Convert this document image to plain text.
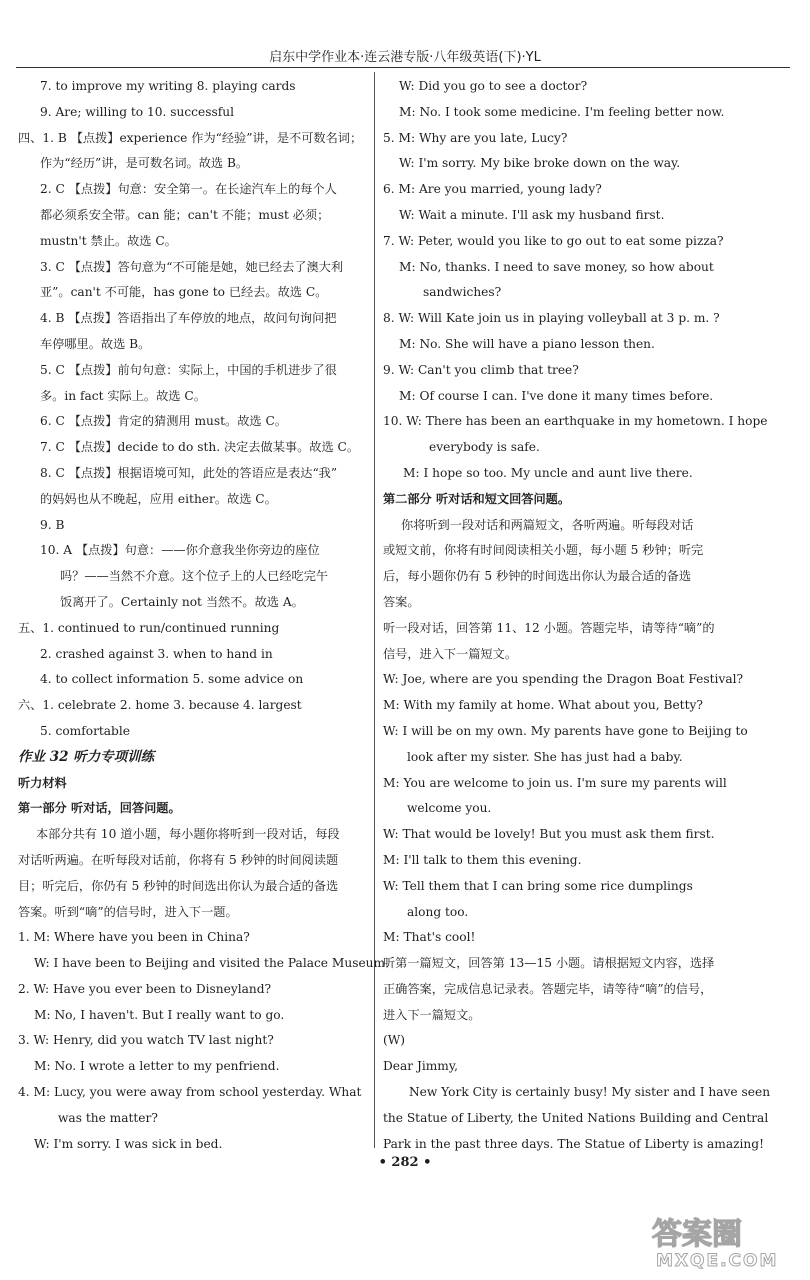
启东中学作业本·连云港专版·八年级英语(下)·YL
7. to improve my writing 8. playing cards
9. Are; willing to 10. successful
四、1. B 【点拨】experience 作为“经验”讲，是不可数名词；
作为“经历”讲，是可数名词。故选 B。
2. C 【点拨】句意：安全第一。在长途汽车上的每个人
都必须系安全带。can 能；can't 不能；must 必须；
mustn't 禁止。故选 C。
3. C 【点拨】答句意为“不可能是她，她已经去了澳大利
亚”。can't 不可能，has gone to 已经去。故选 C。
4. B 【点拨】答语指出了车停放的地点，故问句询问把
车停哪里。故选 B。
5. C 【点拨】前句句意：实际上，中国的手机进步了很
多。in fact 实际上。故选 C。
6. C 【点拨】肯定的猜测用 must。故选 C。
7. C 【点拨】decide to do sth. 决定去做某事。故选 C。
8. C 【点拨】根据语境可知，此处的答语应是表达“我”
的妈妈也从不晚起，应用 either。故选 C。
9. B
10. A 【点拨】句意：——你介意我坐你旁边的座位
吗？——当然不介意。这个位子上的人已经吃完午
饭离开了。Certainly not 当然不。故选 A。
五、1. continued to run/continued running
2. crashed against 3. when to hand in
4. to collect information 5. some advice on
六、1. celebrate 2. home 3. because 4. largest
5. comfortable
作业 32 听力专项训练
听力材料
第一部分 听对话，回答问题。
本部分共有 10 道小题，每小题你将听到一段对话，每段
对话听两遍。在听每段对话前，你将有 5 秒钟的时间阅读题
目；听完后，你仍有 5 秒钟的时间选出你认为最合适的备选
答案。听到“嘀”的信号时，进入下一题。
1. M: Where have you been in China?
W: I have been to Beijing and visited the Palace Museum.
2. W: Have you ever been to Disneyland?
M: No, I haven't. But I really want to go.
3. W: Henry, did you watch TV last night?
M: No. I wrote a letter to my penfriend.
4. M: Lucy, you were away from school yesterday. What
was the matter?
W: I'm sorry. I was sick in bed.
W: Did you go to see a doctor?
M: No. I took some medicine. I'm feeling better now.
5. M: Why are you late, Lucy?
W: I'm sorry. My bike broke down on the way.
6. M: Are you married, young lady?
W: Wait a minute. I'll ask my husband first.
7. W: Peter, would you like to go out to eat some pizza?
M: No, thanks. I need to save money, so how about
sandwiches?
8. W: Will Kate join us in playing volleyball at 3 p. m. ?
M: No. She will have a piano lesson then.
9. W: Can't you climb that tree?
M: Of course I can. I've done it many times before.
10. W: There has been an earthquake in my hometown. I hope
everybody is safe.
M: I hope so too. My uncle and aunt live there.
第二部分 听对话和短文回答问题。
你将听到一段对话和两篇短文，各听两遍。听每段对话
或短文前，你将有时间阅读相关小题，每小题 5 秒钟；听完
后，每小题你仍有 5 秒钟的时间选出你认为最合适的备选
答案。
听一段对话，回答第 11、12 小题。答题完毕，请等待“嘀”的
信号，进入下一篇短文。
W: Joe, where are you spending the Dragon Boat Festival?
M: With my family at home. What about you, Betty?
W: I will be on my own. My parents have gone to Beijing to
look after my sister. She has just had a baby.
M: You are welcome to join us. I'm sure my parents will
welcome you.
W: That would be lovely! But you must ask them first.
M: I'll talk to them this evening.
W: Tell them that I can bring some rice dumplings
along too.
M: That's cool!
听第一篇短文，回答第 13—15 小题。请根据短文内容，选择
正确答案，完成信息记录表。答题完毕，请等待“嘀”的信号，
进入下一篇短文。
(W)
Dear Jimmy,
New York City is certainly busy! My sister and I have seen
the Statue of Liberty, the United Nations Building and Central
Park in the past three days. The Statue of Liberty is amazing!
• 282 •
答案圈
MXQE.COM
